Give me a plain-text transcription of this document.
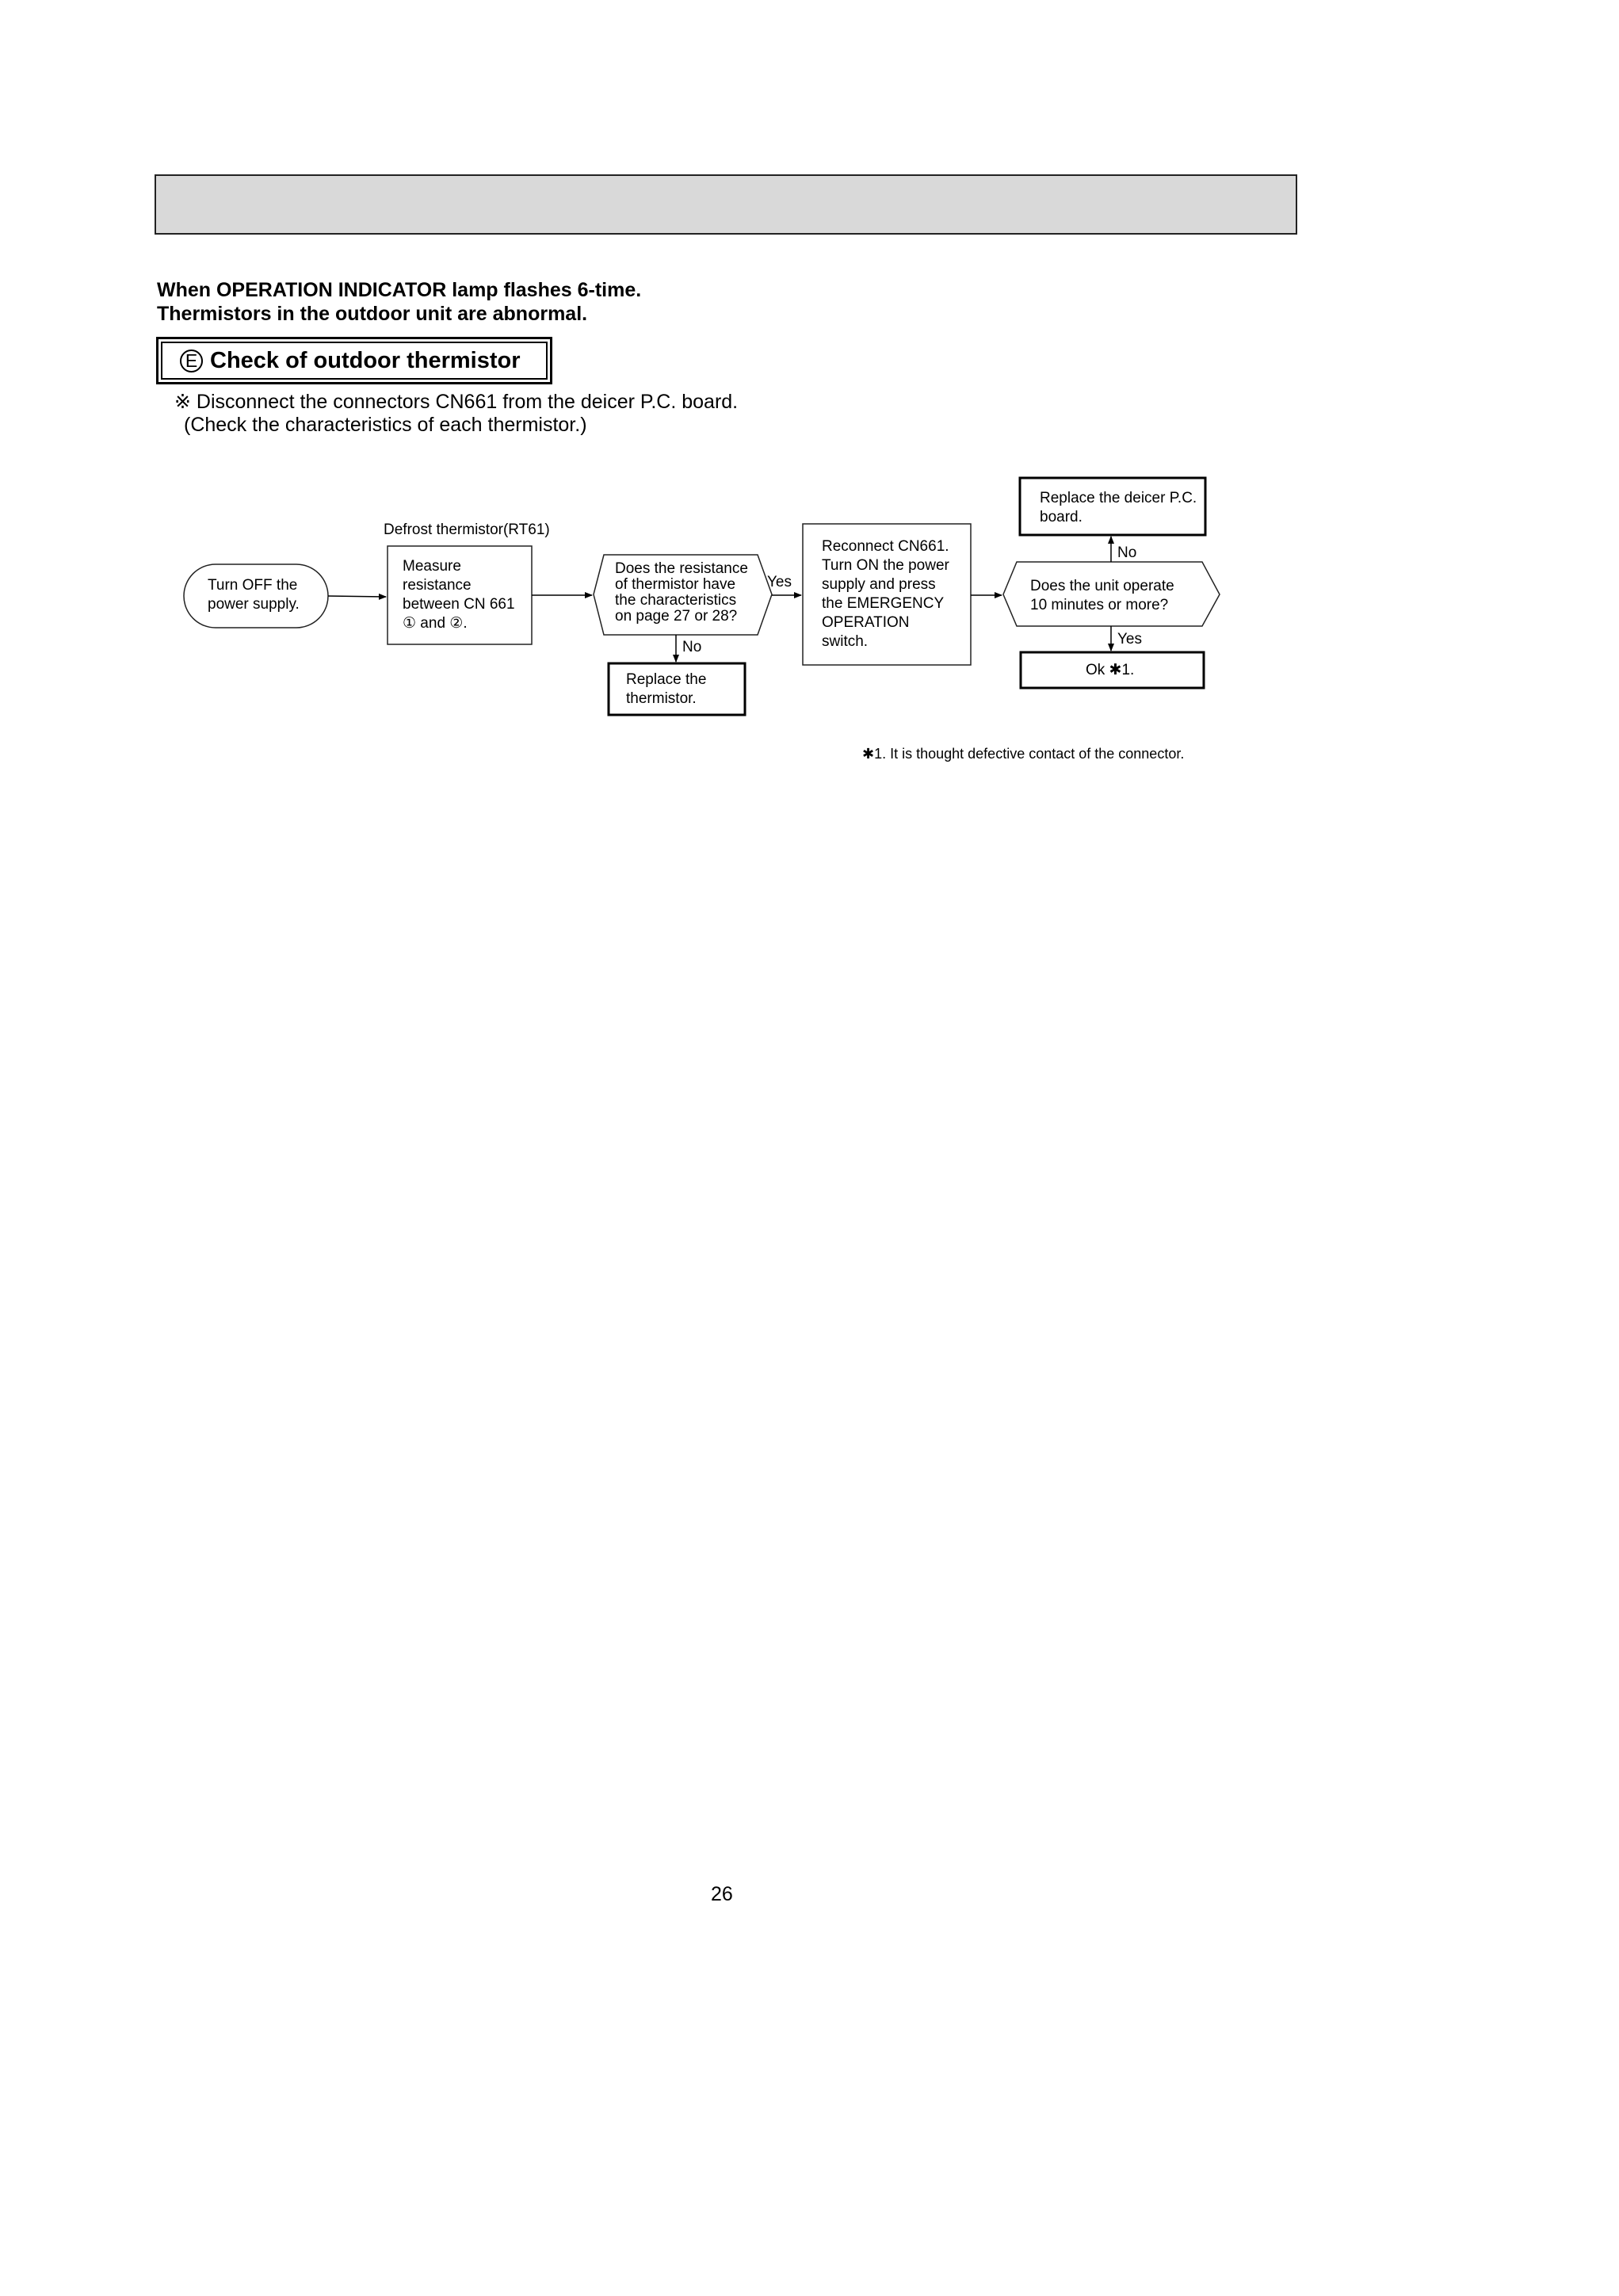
When OPERATION INDICATOR lamp flashes 6-time.
Thermistors in the outdoor unit are abnormal.
E Check of outdoor thermistor
※ Disconnect the connectors CN661 from the deicer P.C. board.
(Check the characteristics of each thermistor.)
Defrost thermistor(RT61)
Turn OFF the
power supply.
Measure
resistance
between CN 661
① and ②.
Does the resistance
of thermistor have
the characteristics
on page 27 or 28?
Yes
No
Replace the
thermistor.
Reconnect CN661.
Turn ON the power
supply and press
the EMERGENCY
OPERATION
switch.
Does the unit operate
10 minutes or more?
Replace the deicer P.C.
board.
No
Yes
Ok ✱1.
✱1. It is thought defective contact of the connector.
26
